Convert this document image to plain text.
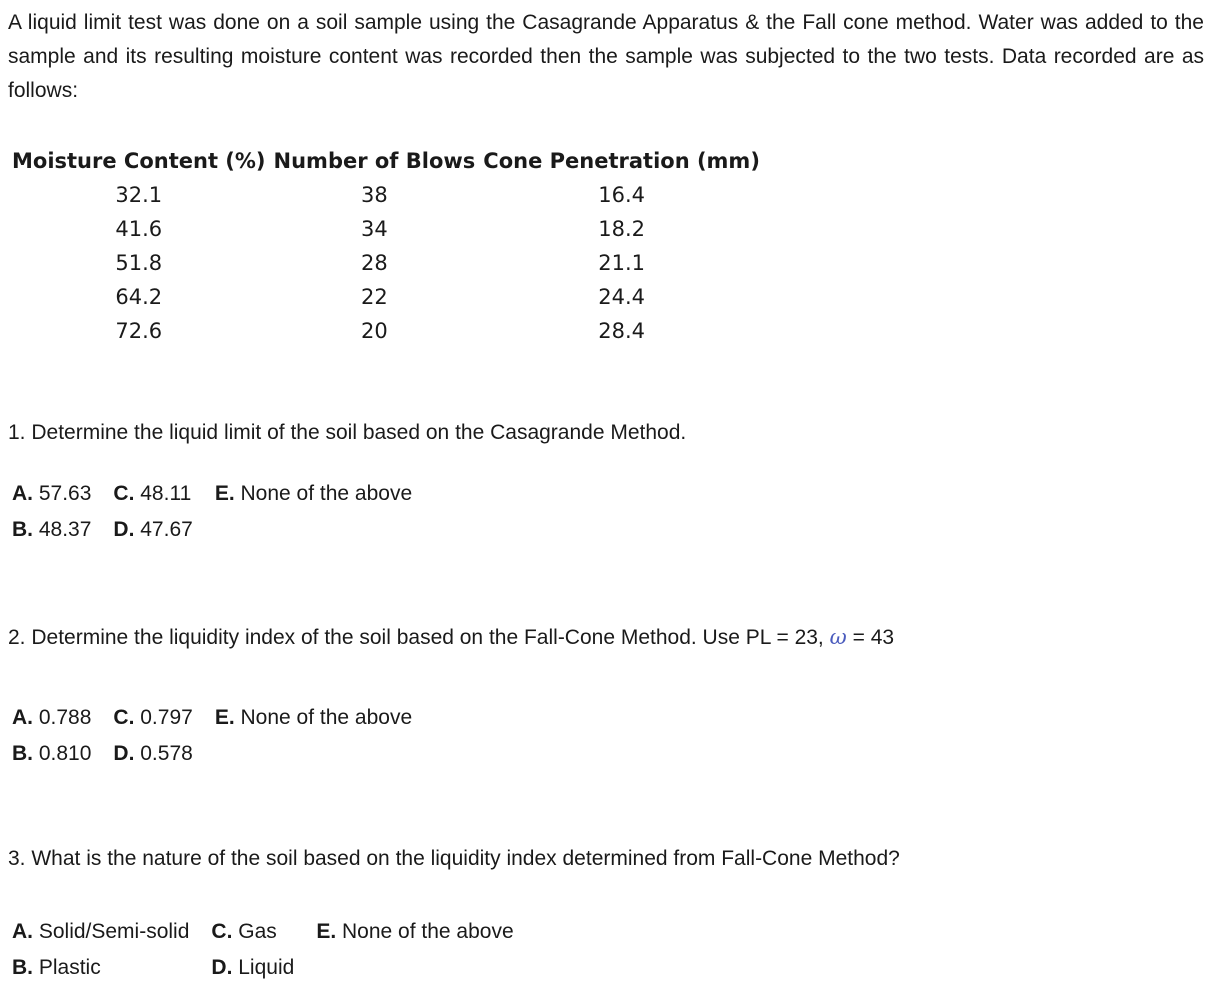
A liquid limit test was done on a soil sample using the Casagrande Apparatus & the Fall cone method. Water was added to the sample and its resulting moisture content was recorded then the sample was subjected to the two tests. Data recorded are as follows:

Moisture Content (%)	Number of Blows	Cone Penetration (mm)
32.1	38	16.4
41.6	34	18.2
51.8	28	21.1
64.2	22	24.4
72.6	20	28.4

1. Determine the liquid limit of the soil based on the Casagrande Method.

A. 57.63	C. 48.11	E. None of the above
B. 48.37	D. 47.67	

2. Determine the liquidity index of the soil based on the Fall-Cone Method. Use PL = 23, ω = 43

A. 0.788	C. 0.797	E. None of the above
B. 0.810	D. 0.578	

3. What is the nature of the soil based on the liquidity index determined from Fall-Cone Method?

A. Solid/Semi-solid	C. Gas	E. None of the above
B. Plastic	D. Liquid	
